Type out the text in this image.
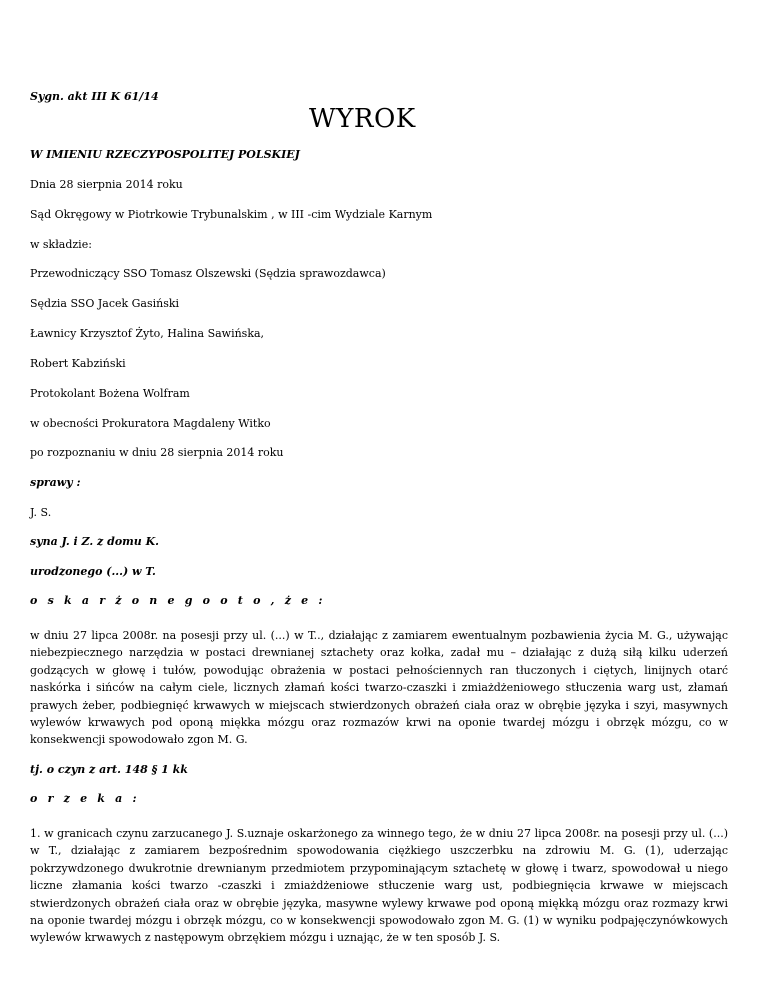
Sygn. akt III K 61/14
WYROK
W IMIENIU RZECZYPOSPOLITEJ POLSKIEJ
Dnia 28 sierpnia 2014 roku
Sąd Okręgowy w Piotrkowie Trybunalskim , w III -cim Wydziale Karnym
w składzie:
Przewodniczący SSO Tomasz Olszewski (Sędzia sprawozdawca)
Sędzia SSO Jacek Gasiński
Ławnicy Krzysztof Żyto, Halina Sawińska,
Robert Kabziński
Protokolant Bożena Wolfram
w obecności Prokuratora Magdaleny Witko
po rozpoznaniu w dniu 28 sierpnia 2014 roku
sprawy :
J. S.
syna J. i Z. z domu K.
urodzonego (...) w T.
o s k a r ż o n e g o o t o , ż e :
w dniu 27 lipca 2008r. na posesji przy ul. (...) w T.., działając z zamiarem ewentualnym pozbawienia życia M. G., używając niebezpiecznego narzędzia w postaci drewnianej sztachety oraz kołka, zadał mu – działając z dużą siłą kilku uderzeń godzących w głowę i tułów, powodując obrażenia w postaci pełnościennych ran tłuczonych i ciętych, linijnych otarć naskórka i sińców na całym ciele, licznych złamań kości twarzo-czaszki i zmiażdżeniowego stłuczenia warg ust, złamań prawych żeber, podbiegnięć krwawych w miejscach stwierdzonych obrażeń ciała oraz w obrębie języka i szyi, masywnych wylewów krwawych pod oponą miękka mózgu oraz rozmazów krwi na oponie twardej mózgu i obrzęk mózgu, co w konsekwencji spowodowało zgon M. G.
tj. o czyn z art. 148 § 1 kk
o r z e k a :
1. w granicach czynu zarzucanego J. S.uznaje oskarżonego za winnego tego, że w dniu 27 lipca 2008r. na posesji przy ul. (...) w T., działając z zamiarem bezpośrednim spowodowania ciężkiego uszczerbku na zdrowiu M. G. (1), uderzając pokrzywdzonego dwukrotnie drewnianym przedmiotem przypominającym sztachetę w głowę i twarz, spowodował u niego liczne złamania kości twarzo -czaszki i zmiażdżeniowe stłuczenie warg ust, podbiegnięcia krwawe w miejscach stwierdzonych obrażeń ciała oraz w obrębie języka, masywne wylewy krwawe pod oponą miękką mózgu oraz rozmazy krwi na oponie twardej mózgu i obrzęk mózgu, co w konsekwencji spowodowało zgon M. G. (1) w wyniku podpajęczynówkowych wylewów krwawych z następowym obrzękiem mózgu i uznając, że w ten sposób J. S.
